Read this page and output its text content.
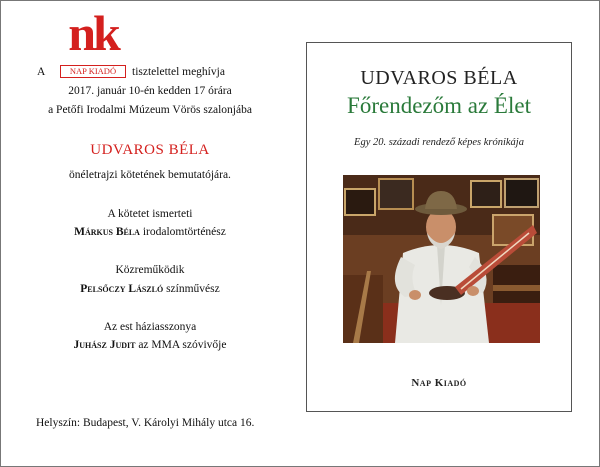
nk
NAP KIADÓ
A	tisztelettel meghívja
2017. január 10-én kedden 17 órára
a Petőfi Irodalmi Múzeum Vörös szalonjába
UDVAROS BÉLA
önéletrajzi kötetének bemutatójára.
A kötetet ismerteti
Márkus Béla irodalomtörténész
Közreműködik
Pelsőczy László színművész
Az est háziasszonya
Juhász Judit az MMA szóvivője
Helyszín: Budapest, V. Károlyi Mihály utca 16.
UDVAROS BÉLA
Főrendezőm az Élet
Egy 20. századi rendező képes krónikája
Nap Kiadó
